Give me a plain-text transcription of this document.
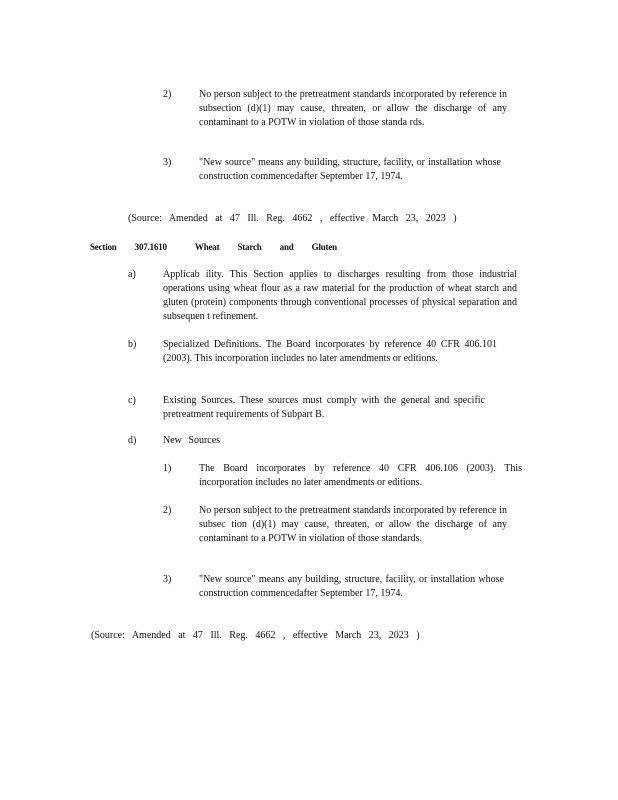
2)	No person subject to the pretreatment standards incorporated by reference in subsection (d)(1) may cause, threaten, or allow the discharge of any contaminant to a POTW in violation of those standa rds.
3)	"New source" means any building, structure, facility, or installation whose construction commencedafter September 17, 1974.
(Source: Amended at 47 Ill. Reg. 4662 , effective March 23, 2023 )
Section 307.1610	Wheat Starch and Gluten
a)	Applicab ility. This Section applies to discharges resulting from those industrial operations using wheat flour as a raw material for the production of wheat starch and gluten (protein) components through conventional processes of physical separation and subsequen t refinement.
b)	Specialized Definitions. The Board incorporates by reference 40 CFR 406.101 (2003). This incorporation includes no later amendments or editions.
c)	Existing Sources. These sources must comply with the general and specific pretreatment requirements of Subpart B.
d)	New Sources
1)	The Board incorporates by reference 40 CFR 406.106 (2003). This incorporation includes no later amendments or editions.
2)	No person subject to the pretreatment standards incorporated by reference in subsec tion (d)(1) may cause, threaten, or allow the discharge of any contaminant to a POTW in violation of those standards.
3)	"New source" means any building, structure, facility, or installation whose construction commencedafter September 17, 1974.
(Source: Amended at 47 Ill. Reg. 4662 , effective March 23, 2023 )
